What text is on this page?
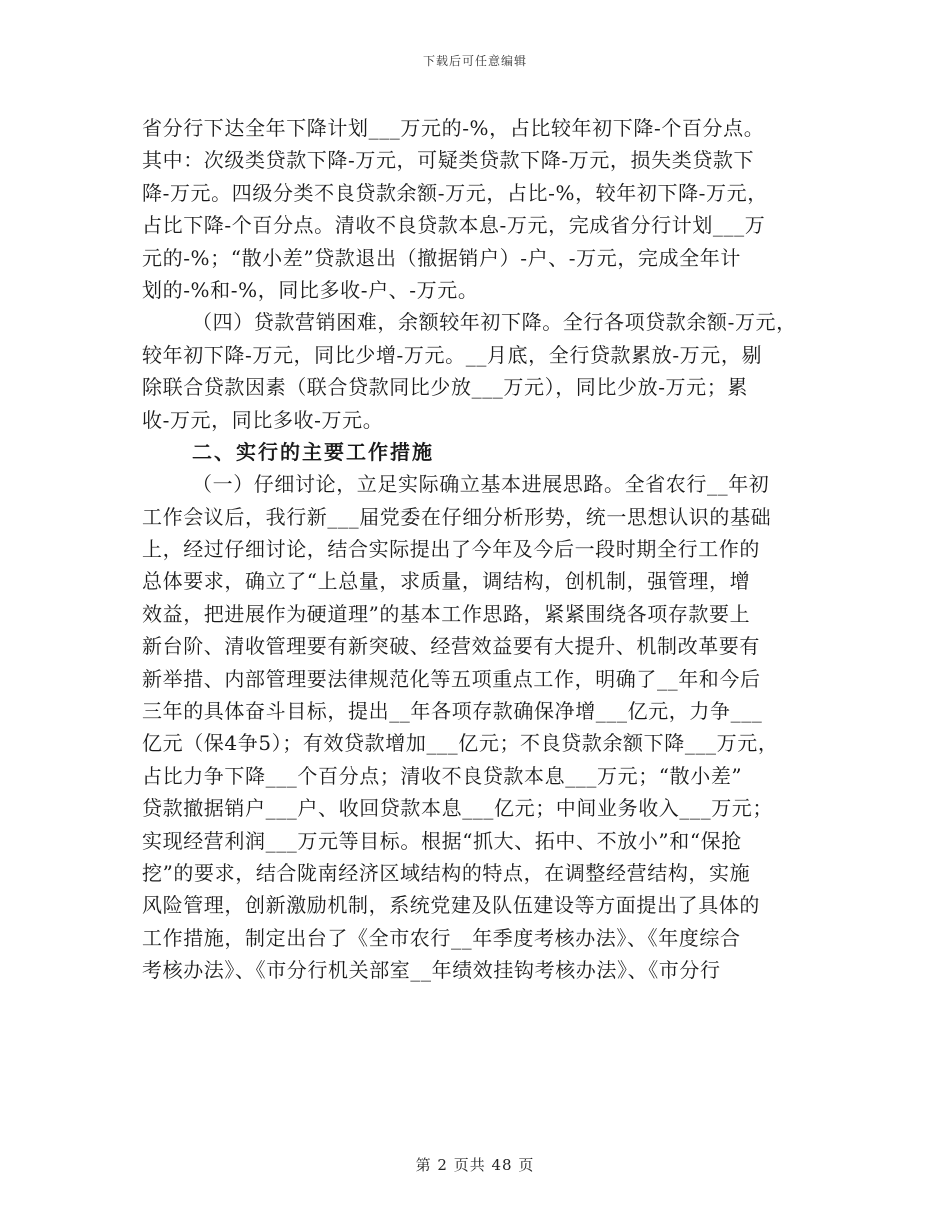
下载后可任意编辑
省分行下达全年下降计划___万元的-%，占比较年初下降-个百分点。
其中：次级类贷款下降-万元，可疑类贷款下降-万元，损失类贷款下
降-万元。四级分类不良贷款余额-万元，占比-%，较年初下降-万元，
占比下降-个百分点。清收不良贷款本息-万元，完成省分行计划___万
元的-%；“散小差”贷款退出（撤据销户）-户、-万元，完成全年计
划的-%和-%，同比多收-户、-万元。
（四）贷款营销困难，余额较年初下降。全行各项贷款余额-万元，
较年初下降-万元，同比少增-万元。__月底，全行贷款累放-万元，剔
除联合贷款因素（联合贷款同比少放___万元），同比少放-万元；累
收-万元，同比多收-万元。
二、实行的主要工作措施
（一）仔细讨论，立足实际确立基本进展思路。全省农行__年初
工作会议后，我行新___届党委在仔细分析形势，统一思想认识的基础
上，经过仔细讨论，结合实际提出了今年及今后一段时期全行工作的
总体要求，确立了“上总量，求质量，调结构，创机制，强管理，增
效益，把进展作为硬道理”的基本工作思路，紧紧围绕各项存款要上
新台阶、清收管理要有新突破、经营效益要有大提升、机制改革要有
新举措、内部管理要法律规范化等五项重点工作，明确了__年和今后
三年的具体奋斗目标，提出__年各项存款确保净增___亿元，力争___
亿元（保4争5）；有效贷款增加___亿元；不良贷款余额下降___万元，
占比力争下降___个百分点；清收不良贷款本息___万元；“散小差”
贷款撤据销户___户、收回贷款本息___亿元；中间业务收入___万元；
实现经营利润___万元等目标。根据“抓大、拓中、不放小”和“保抢
挖”的要求，结合陇南经济区域结构的特点，在调整经营结构，实施
风险管理，创新激励机制，系统党建及队伍建设等方面提出了具体的
工作措施，制定出台了《全市农行__年季度考核办法》、《年度综合
考核办法》、《市分行机关部室__年绩效挂钩考核办法》、《市分行
第 2 页共 48 页
